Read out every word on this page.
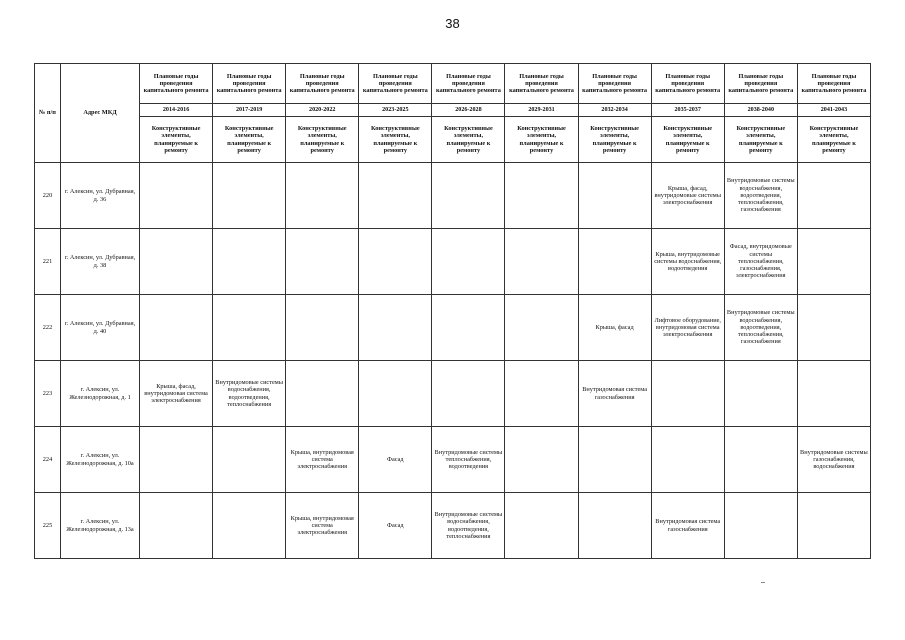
38
№ п/п	Адрес МКД	Плановые годы проведения капитального ремонта	Плановые годы проведения капитального ремонта	Плановые годы проведения капитального ремонта	Плановые годы проведения капитального ремонта	Плановые годы проведения капитального ремонта	Плановые годы проведения капитального ремонта	Плановые годы проведения капитального ремонта	Плановые годы проведения капитального ремонта	Плановые годы проведения капитального ремонта	Плановые годы проведения капитального ремонта
		2014-2016	2017-2019	2020-2022	2023-2025	2026-2028	2029-2031	2032-2034	2035-2037	2038-2040	2041-2043
		Конструктивные элементы, планируемые к ремонту	Конструктивные элементы, планируемые к ремонту	Конструктивные элементы, планируемые к ремонту	Конструктивные элементы, планируемые к ремонту	Конструктивные элементы, планируемые к ремонту	Конструктивные элементы, планируемые к ремонту	Конструктивные элементы, планируемые к ремонту	Конструктивные элементы, планируемые к ремонту	Конструктивные элементы, планируемые к ремонту	Конструктивные элементы, планируемые к ремонту
220	г. Алексин, ул. Дубравная, д. 36								Крыша, фасад, внутридомовые системы электроснабжения	Внутридомовые системы водоснабжения, водоотведения, теплоснабжения, газоснабжения	
221	г. Алексин, ул. Дубравная, д. 38								Крыша, внутридомовые системы водоснабжения, водоотведения	Фасад, внутридомовые системы теплоснабжения, газоснабжения, электроснабжения	
222	г. Алексин, ул. Дубравная, д. 40							Крыша, фасад	Лифтовое оборудование, внутридомовая система электроснабжения	Внутридомовые системы водоснабжения, водоотведения, теплоснабжения, газоснабжения	
223	г. Алексин, ул. Железнодорожная, д. 1	Крыша, фасад, внутридомовая система электроснабжения	Внутридомовые системы водоснабжения, водоотведения, теплоснабжения					Внутридомовая система газоснабжения			
224	г. Алексин, ул. Железнодорожная, д. 10а			Крыша, внутридомовая система электроснабжения	Фасад	Внутридомовые системы теплоснабжения, водоотведения					Внутридомовые системы газоснабжения, водоснабжения
225	г. Алексин, ул. Железнодорожная, д. 13а			Крыша, внутридомовая система электроснабжения	Фасад	Внутридомовые системы водоснабжения, водоотведения, теплоснабжения			Внутридомовая система газоснабжения		
